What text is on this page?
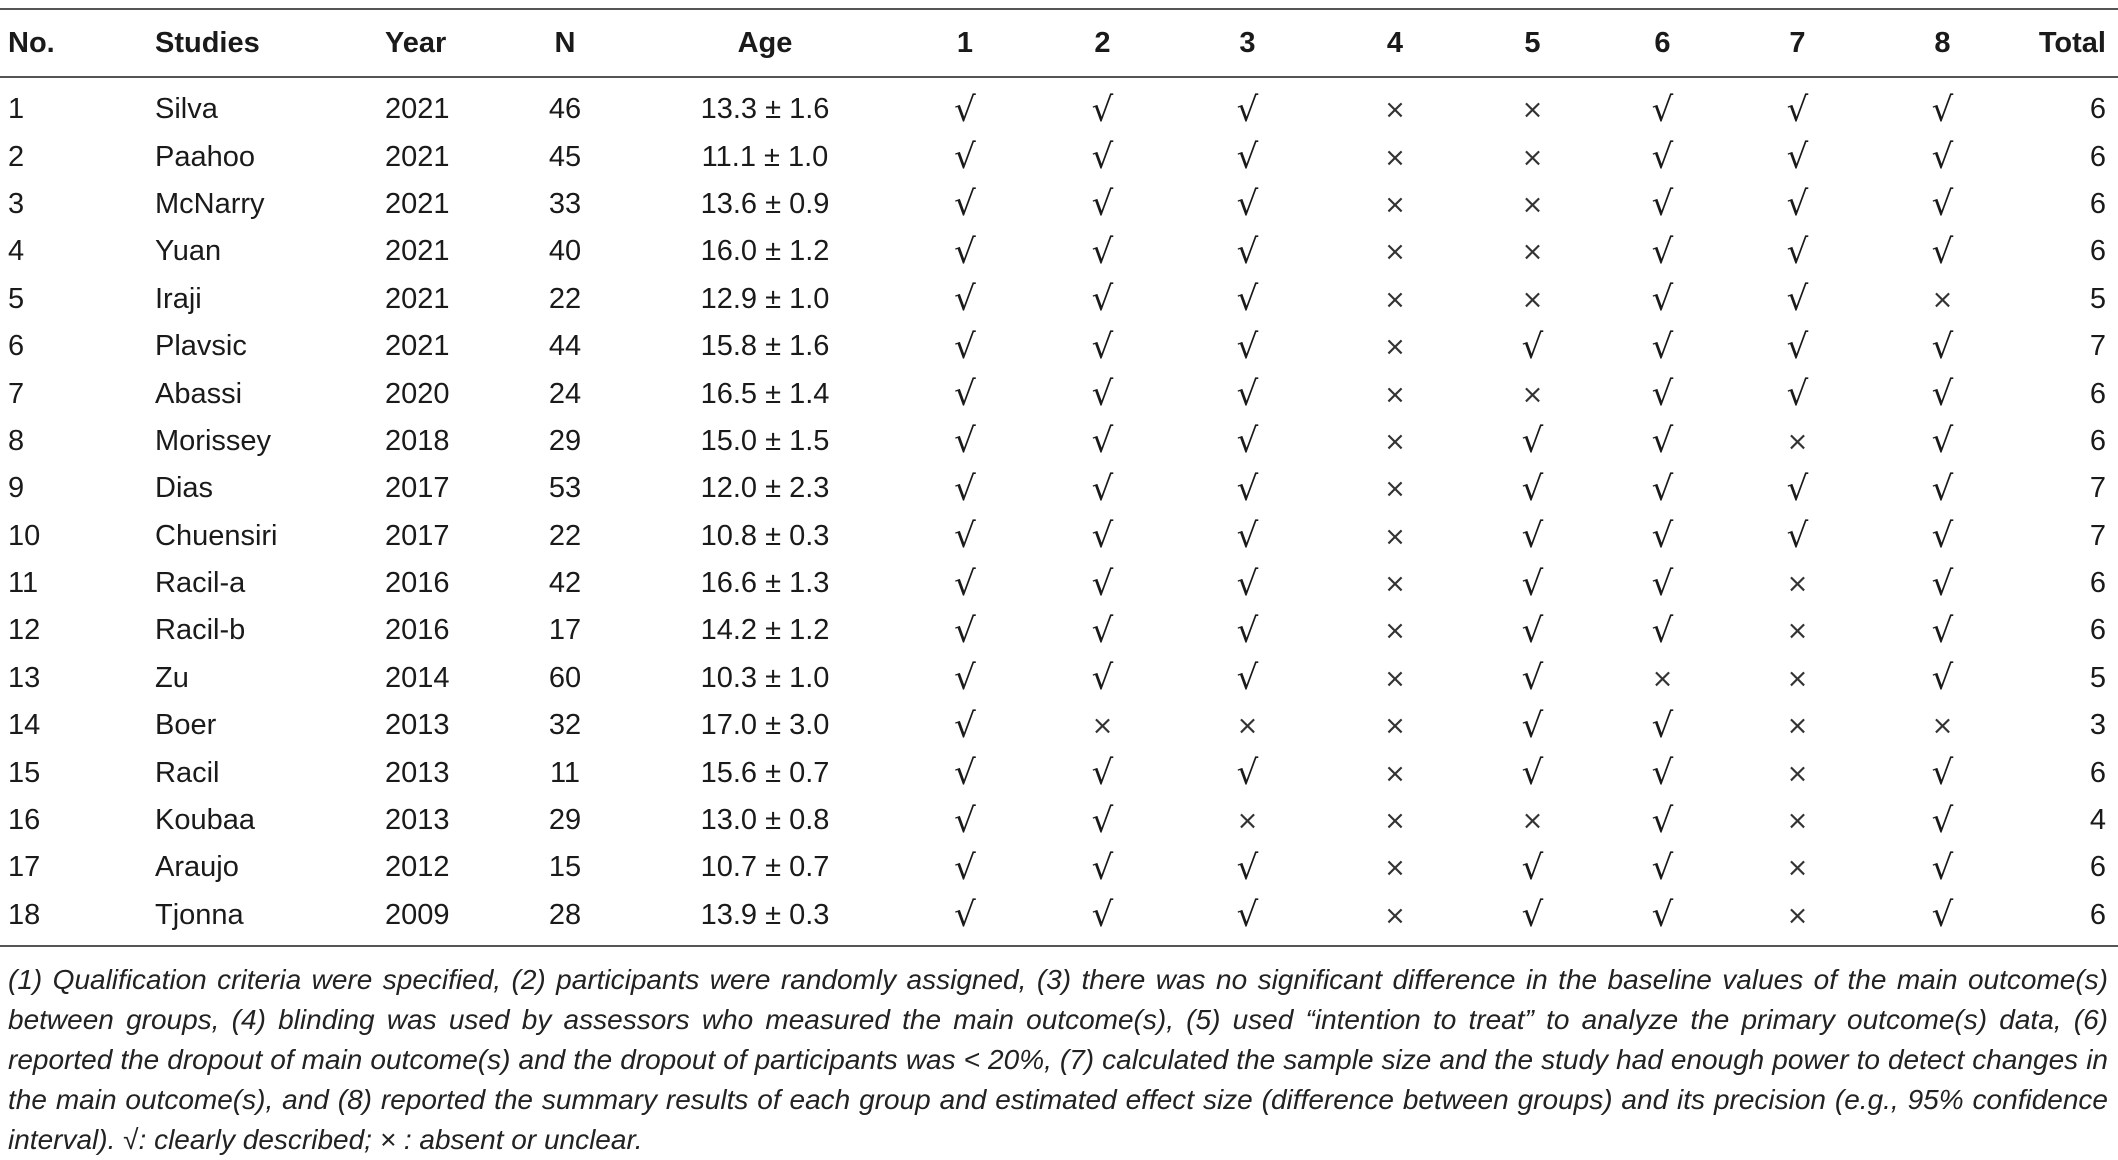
No.	Studies	Year	N	Age	1	2	3	4	5	6	7	8	Total
1	Silva	2021	46	13.3 ± 1.6	√	√	√	×	×	√	√	√	6
2	Paahoo	2021	45	11.1 ± 1.0	√	√	√	×	×	√	√	√	6
3	McNarry	2021	33	13.6 ± 0.9	√	√	√	×	×	√	√	√	6
4	Yuan	2021	40	16.0 ± 1.2	√	√	√	×	×	√	√	√	6
5	Iraji	2021	22	12.9 ± 1.0	√	√	√	×	×	√	√	×	5
6	Plavsic	2021	44	15.8 ± 1.6	√	√	√	×	√	√	√	√	7
7	Abassi	2020	24	16.5 ± 1.4	√	√	√	×	×	√	√	√	6
8	Morissey	2018	29	15.0 ± 1.5	√	√	√	×	√	√	×	√	6
9	Dias	2017	53	12.0 ± 2.3	√	√	√	×	√	√	√	√	7
10	Chuensiri	2017	22	10.8 ± 0.3	√	√	√	×	√	√	√	√	7
11	Racil-a	2016	42	16.6 ± 1.3	√	√	√	×	√	√	×	√	6
12	Racil-b	2016	17	14.2 ± 1.2	√	√	√	×	√	√	×	√	6
13	Zu	2014	60	10.3 ± 1.0	√	√	√	×	√	×	×	√	5
14	Boer	2013	32	17.0 ± 3.0	√	×	×	×	√	√	×	×	3
15	Racil	2013	11	15.6 ± 0.7	√	√	√	×	√	√	×	√	6
16	Koubaa	2013	29	13.0 ± 0.8	√	√	×	×	×	√	×	√	4
17	Araujo	2012	15	10.7 ± 0.7	√	√	√	×	√	√	×	√	6
18	Tjonna	2009	28	13.9 ± 0.3	√	√	√	×	√	√	×	√	6
(1) Qualification criteria were specified, (2) participants were randomly assigned, (3) there was no significant difference in the baseline values of the main outcome(s) between groups, (4) blinding was used by assessors who measured the main outcome(s), (5) used “intention to treat” to analyze the primary outcome(s) data, (6) reported the dropout of main outcome(s) and the dropout of participants was < 20%, (7) calculated the sample size and the study had enough power to detect changes in the main outcome(s), and (8) reported the summary results of each group and estimated effect size (difference between groups) and its precision (e.g., 95% confidence interval). √: clearly described; × : absent or unclear.
